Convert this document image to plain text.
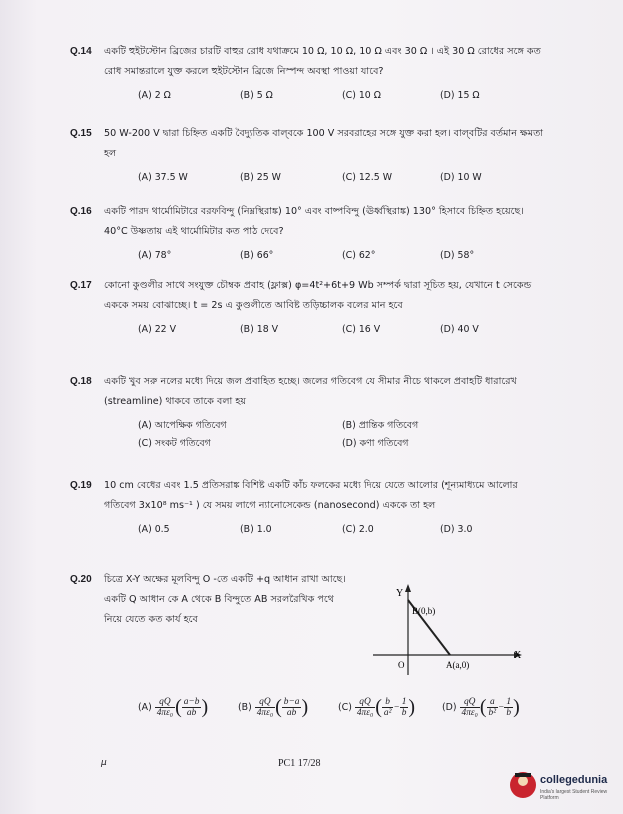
Q.14 একটি হুইটস্টোন ব্রিজের চারটি বাহুর রোধ যথাক্রমে 10 Ω, 10 Ω, 10 Ω এবং 30 Ω । এই 30 Ω রোধের সঙ্গে কত রোধ সমান্তরালে যুক্ত করলে হুইটস্টোন ব্রিজে নিস্পন্দ অবস্থা পাওয়া যাবে?
(A) 2 Ω	(B) 5 Ω	(C) 10 Ω	(D) 15 Ω
Q.15 50 W-200 V দ্বারা চিহ্নিত একটি বৈদ্যুতিক বাল্‌বকে 100 V সরবরাহের সঙ্গে যুক্ত করা হল। বাল্‌বটির বর্তমান ক্ষমতা হল
(A) 37.5 W	(B) 25 W	(C) 12.5 W	(D) 10 W
Q.16 একটি পারদ থার্মোমিটারে বরফবিন্দু (নিম্নস্থিরাঙ্ক) 10° এবং বাষ্পবিন্দু (ঊর্ধ্বস্থিরাঙ্ক) 130° হিসাবে চিহ্নিত হয়েছে। 40°C উষ্ণতায় এই থার্মোমিটার কত পাঠ দেবে?
(A) 78°	(B) 66°	(C) 62°	(D) 58°
Q.17 কোনো কুণ্ডলীর সাথে সংযুক্ত চৌম্বক প্রবাহ (ফ্লাক্স) φ=4t²+6t+9 Wb সম্পর্ক দ্বারা সূচিত হয়, যেখানে t সেকেন্ড এককে সময় বোঝাচ্ছে। t = 2s এ কুণ্ডলীতে আবিষ্ট তড়িচ্চালক বলের মান হবে
(A) 22 V	(B) 18 V	(C) 16 V	(D) 40 V
Q.18 একটি খুব সরু নলের মধ্যে দিয়ে জল প্রবাহিত হচ্ছে। জলের গতিবেগ যে সীমার নীচে থাকলে প্রবাহটি ধারারেখ (streamline) থাকবে তাকে বলা হয়
(A) আপেক্ষিক গতিবেগ	(B) প্রান্তিক গতিবেগ
(C) সংকট গতিবেগ	(D) কণা গতিবেগ
Q.19 10 cm বেধের এবং 1.5 প্রতিসরাঙ্ক বিশিষ্ট একটি কাঁচ ফলকের মধ্যে দিয়ে যেতে আলোর (শূন্যমাধ্যমে আলোর গতিবেগ 3x10⁸ ms⁻¹ ) যে সময় লাগে ন্যানোসেকেন্ড (nanosecond) এককে তা হল
(A) 0.5	(B) 1.0	(C) 2.0	(D) 3.0
Q.20 চিত্রে X-Y অক্ষের মূলবিন্দু O -তে একটি +q আধান রাখা আছে। একটি Q আধান কে A থেকে B বিন্দুতে AB সরলরৈখিক পথে নিয়ে যেতে কত কার্য হবে
Y
X
B(0,b)
O	A(a,0)
$(A) \frac{qQ}{\text{4πε₀}}$ ( $\frac{a-b}{ab}$ )	$(B) \frac{qQ}{\text{4πε₀}}$ ( $\frac{b-a}{ab}$ )	$(C) \frac{qQ}{\text{4πε₀}}$ ( $\frac{b}{\text{a²}} - \frac{1}{b}$ )	$(D) \frac{qQ}{\text{4πε₀}}$ ( $\frac{a}{\text{b²}} - \frac{1}{b}$ )
μ	PC1 17/28
collegedunia
India's largest Student Review Platform
